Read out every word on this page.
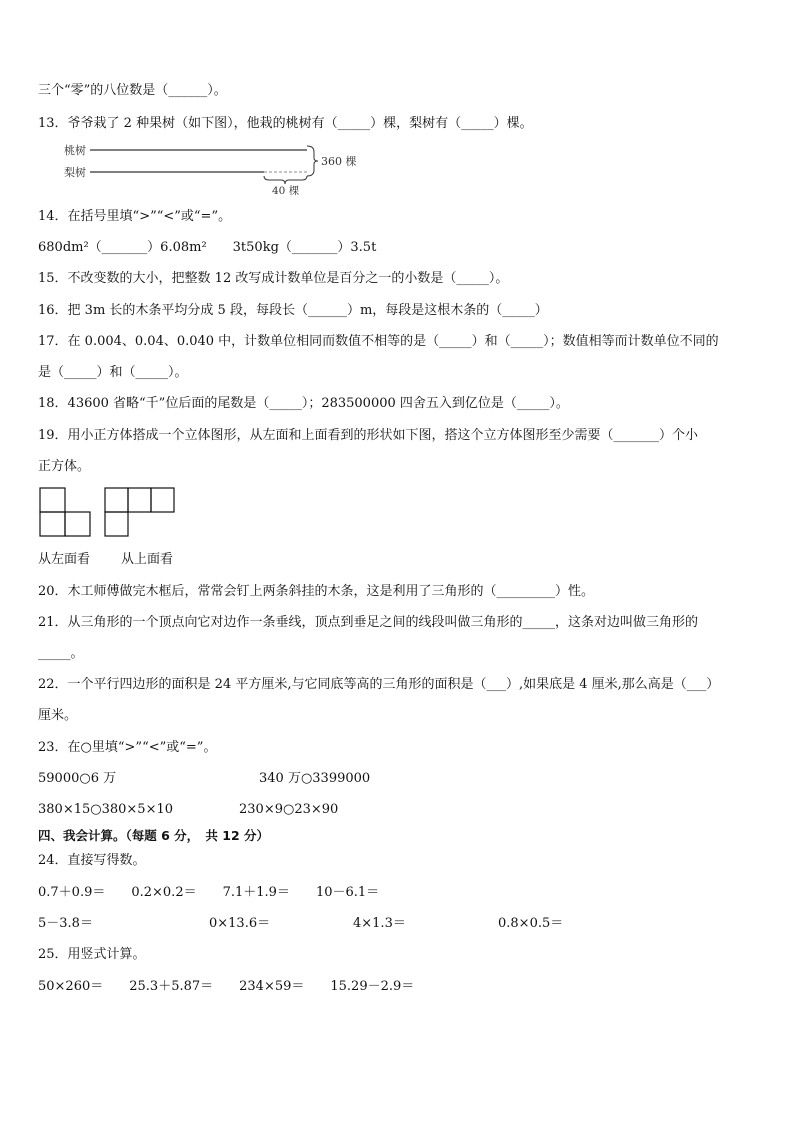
三个“零”的八位数是（______）。
13．爷爷栽了 2 种果树（如下图），他栽的桃树有（_____）棵，梨树有（_____）棵。
桃树
梨树
360 棵
40 棵
14．在括号里填“>”“<”或“=”。
680dm²（_______）6.08m²　　3t50kg（_______）3.5t
15．不改变数的大小，把整数 12 改写成计数单位是百分之一的小数是（_____）。
16．把 3m 长的木条平均分成 5 段，每段长（______）m，每段是这根木条的（_____）
17．在 0.004、0.04、0.040 中，计数单位相同而数值不相等的是（_____）和（_____）；数值相等而计数单位不同的
是（_____）和（_____）。
18．43600 省略“千”位后面的尾数是（_____）；283500000 四舍五入到亿位是（_____）。
19．用小正方体搭成一个立体图形，从左面和上面看到的形状如下图，搭这个立方体图形至少需要（_______）个小
正方体。
从左面看 从上面看
20．木工师傅做完木框后，常常会钉上两条斜挂的木条，这是利用了三角形的（_________）性。
21．从三角形的一个顶点向它对边作一条垂线，顶点到垂足之间的线段叫做三角形的_____，这条对边叫做三角形的
_____。
22．一个平行四边形的面积是 24 平方厘米,与它同底等高的三角形的面积是（___）,如果底是 4 厘米,那么高是（___）
厘米。
23．在○里填“>”“<”或“=”。
59000○6 万	340 万○3399000
380×15○380×5×10	230×9○23×90
四、我会计算。（每题 6 分，　共 12 分）
24．直接写得数。
0.7＋0.9＝　　0.2×0.2＝　　7.1＋1.9＝　　10－6.1＝
5－3.8＝	0×13.6＝	4×1.3＝	0.8×0.5＝
25．用竖式计算。
50×260＝　　25.3＋5.87＝　　234×59＝　　15.29－2.9＝
